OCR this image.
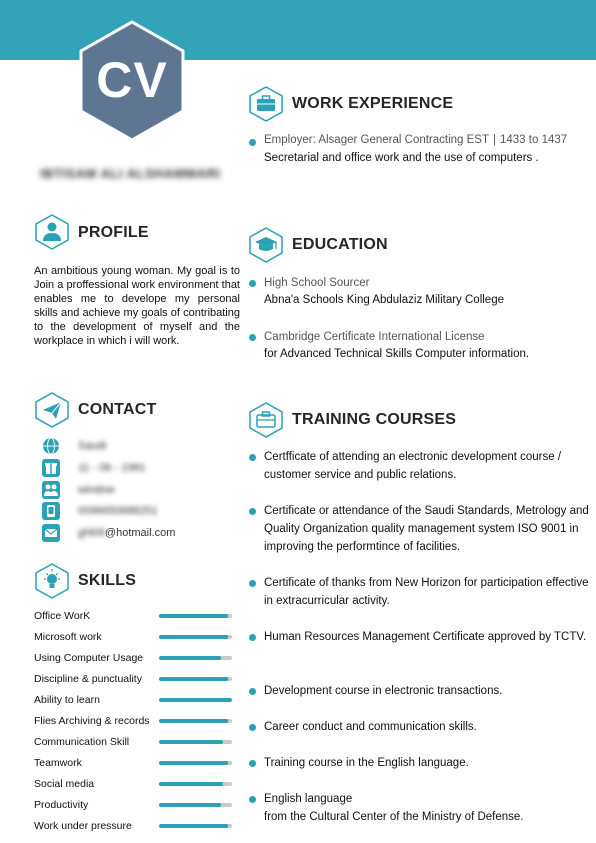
CV
IBTISAM ALI ALSHAMMARI
PROFILE
An ambitious young woman. My goal is to Join a proffessional work environment that enables me to develope my personal skills and achieve my goals of contribating to the development of myself and the workplace in which i will work.
CONTACT
Saudi
11 - 06 - 1981
window
0096650688251
ghl09@hotmail.com
SKILLS
Office WorK
Microsoft work
Using Computer Usage
Discipline & punctuality
Ability to learn
Flies Archiving & records
Communication Skill
Teamwork
Social media
Productivity
Work under pressure
WORK EXPERIENCE
Employer: Alsager General Contracting EST | 1433 to 1437
Secretarial and office work and the use of computers .
EDUCATION
High School Sourcer
Abna'a Schools King Abdulaziz Military College
Cambridge Certificate International License
for Advanced Technical Skills Computer information.
TRAINING COURSES
Certfficate of attending an electronic development course / customer service and public relations.
Certificate or attendance of the Saudi Standards, Metrology and Quality Organization quality management system ISO 9001 in improving the performtince of facilities.
Certificate of thanks from New Horizon for participation effective in extracurricular activity.
Human Resources Management Certificate approved by TCTV.
Development course in electronic transactions.
Career conduct and communication skills.
Training course in the English language.
English language
from the Cultural Center of the Ministry of Defense.
